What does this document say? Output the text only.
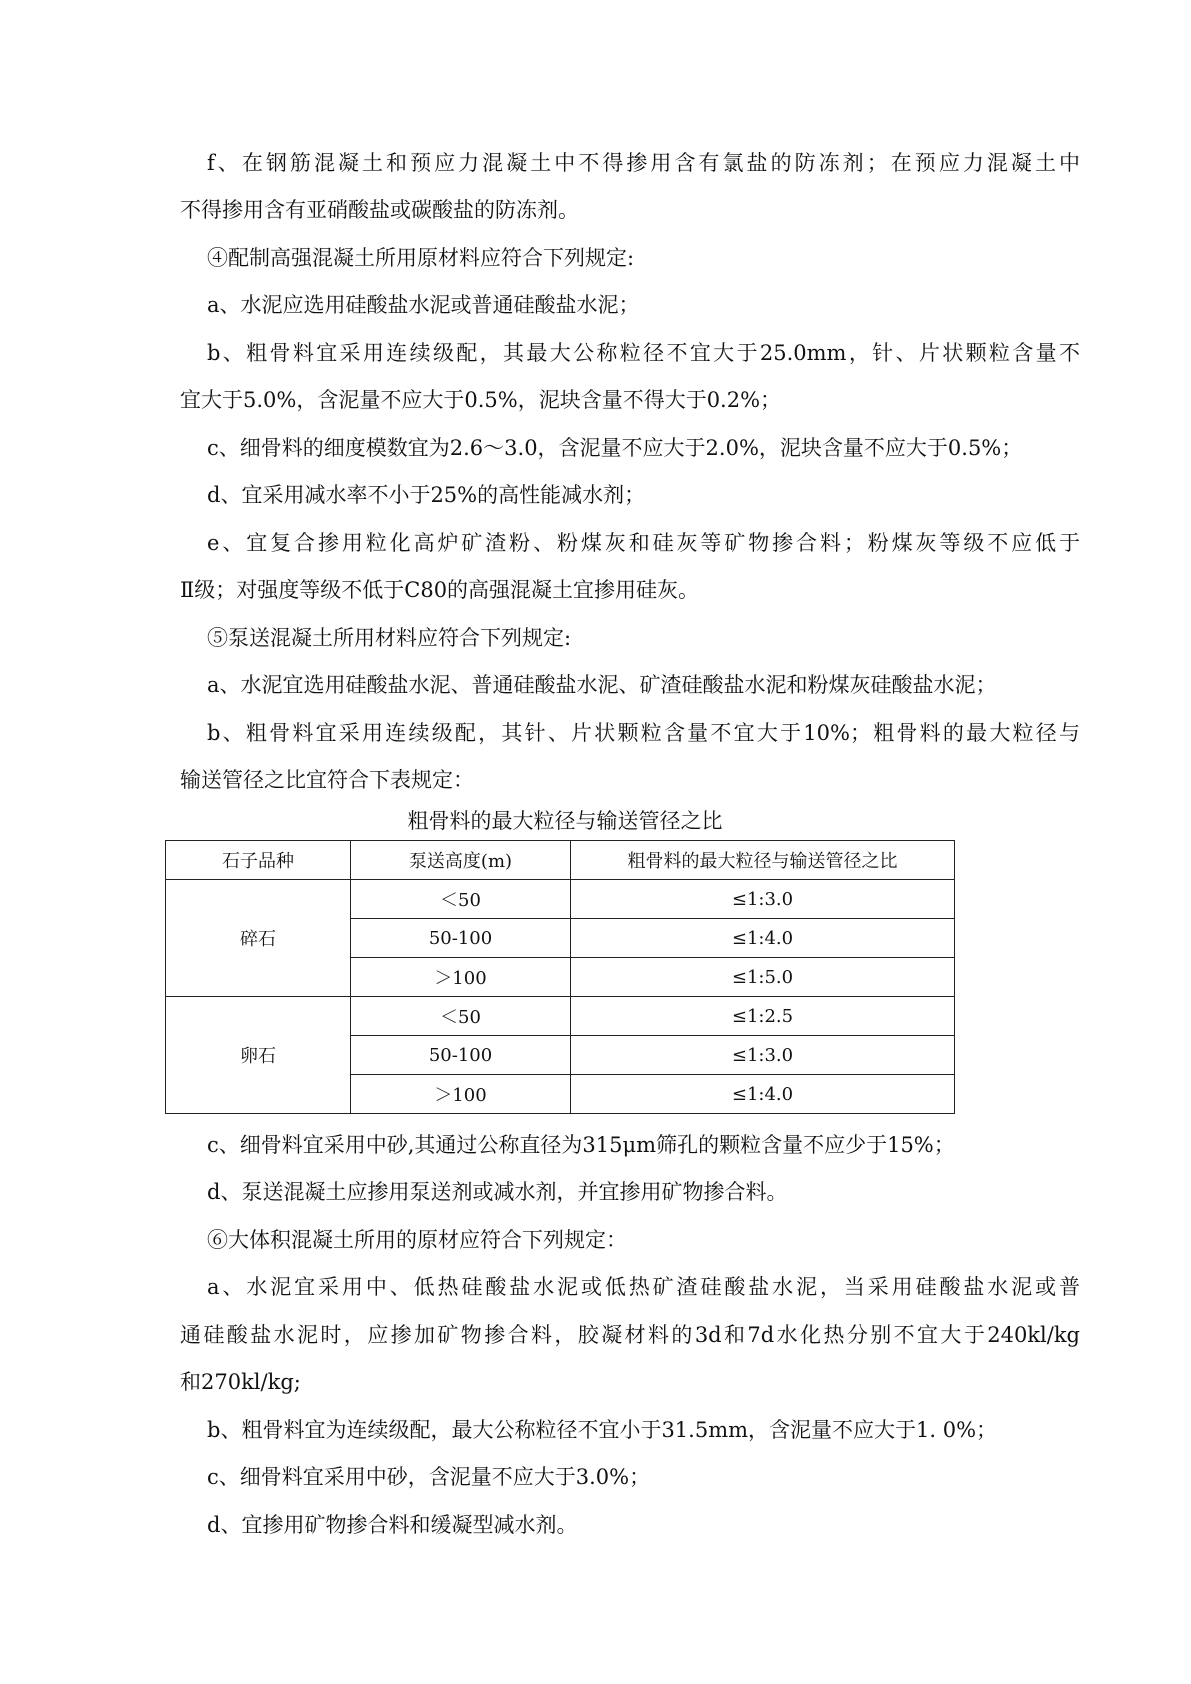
f、在钢筋混凝土和预应力混凝土中不得掺用含有氯盐的防冻剂；在预应力混凝土中
不得掺用含有亚硝酸盐或碳酸盐的防冻剂。
④配制高强混凝土所用原材料应符合下列规定:
a、水泥应选用硅酸盐水泥或普通硅酸盐水泥；
b、粗骨料宜采用连续级配，其最大公称粒径不宜大于25.0mm，针、片状颗粒含量不
宜大于5.0%，含泥量不应大于0.5%，泥块含量不得大于0.2%；
c、细骨料的细度模数宜为2.6～3.0，含泥量不应大于2.0%，泥块含量不应大于0.5%；
d、宜采用减水率不小于25%的高性能减水剂；
e、宜复合掺用粒化高炉矿渣粉、粉煤灰和硅灰等矿物掺合料；粉煤灰等级不应低于
Ⅱ级；对强度等级不低于C80的高强混凝土宜掺用硅灰。
⑤泵送混凝土所用材料应符合下列规定:
a、水泥宜选用硅酸盐水泥、普通硅酸盐水泥、矿渣硅酸盐水泥和粉煤灰硅酸盐水泥；
b、粗骨料宜采用连续级配，其针、片状颗粒含量不宜大于10%；粗骨料的最大粒径与
输送管径之比宜符合下表规定：
粗骨料的最大粒径与输送管径之比
石子品种	泵送高度(m)	粗骨料的最大粒径与输送管径之比
碎石	＜50	≤1:3.0
	50-100	≤1:4.0
	＞100	≤1:5.0
卵石	＜50	≤1:2.5
	50-100	≤1:3.0
	＞100	≤1:4.0
c、细骨料宜采用中砂,其通过公称直径为315μm筛孔的颗粒含量不应少于15%；
d、泵送混凝土应掺用泵送剂或减水剂，并宜掺用矿物掺合料。
⑥大体积混凝土所用的原材应符合下列规定：
a、水泥宜采用中、低热硅酸盐水泥或低热矿渣硅酸盐水泥，当采用硅酸盐水泥或普
通硅酸盐水泥时，应掺加矿物掺合料，胶凝材料的3d和7d水化热分别不宜大于240kl/kg
和270kl/kg;
b、粗骨料宜为连续级配，最大公称粒径不宜小于31.5mm，含泥量不应大于1. 0%；
c、细骨料宜采用中砂，含泥量不应大于3.0%；
d、宜掺用矿物掺合料和缓凝型减水剂。
